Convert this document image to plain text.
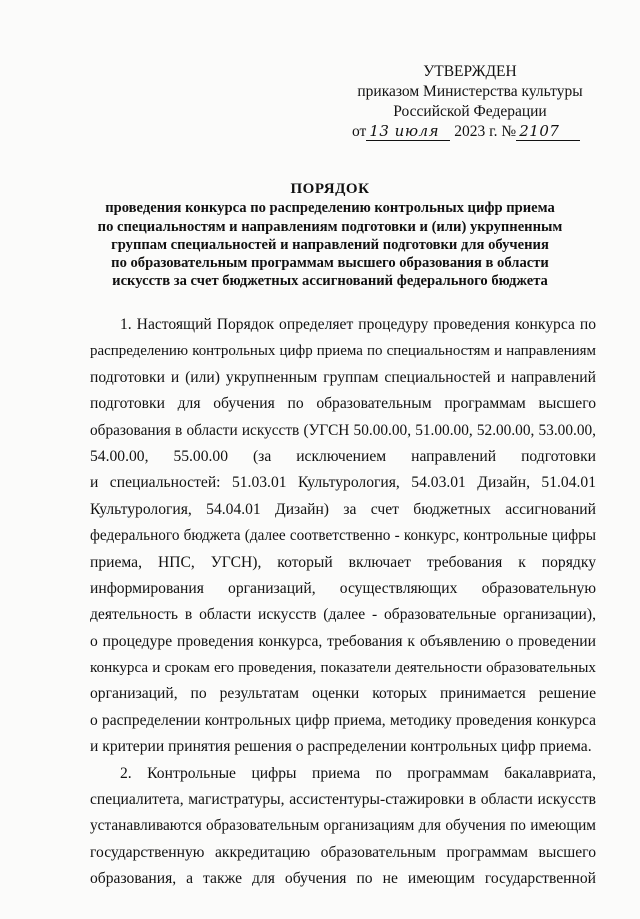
УТВЕРЖДЕН
приказом Министерства культуры
Российской Федерации
от 13 июля 2023 г. № 2107
ПОРЯДОК
проведения конкурса по распределению контрольных цифр приема
по специальностям и направлениям подготовки и (или) укрупненным
группам специальностей и направлений подготовки для обучения
по образовательным программам высшего образования в области
искусств за счет бюджетных ассигнований федерального бюджета
1. Настоящий Порядок определяет процедуру проведения конкурса по
распределению контрольных цифр приема по специальностям и направлениям
подготовки и (или) укрупненным группам специальностей и направлений
подготовки для обучения по образовательным программам высшего
образования в области искусств (УГСН 50.00.00, 51.00.00, 52.00.00, 53.00.00,
54.00.00, 55.00.00 (за исключением направлений подготовки
и специальностей: 51.03.01 Культурология, 54.03.01 Дизайн, 51.04.01
Культурология, 54.04.01 Дизайн) за счет бюджетных ассигнований
федерального бюджета (далее соответственно - конкурс, контрольные цифры
приема, НПС, УГСН), который включает требования к порядку
информирования организаций, осуществляющих образовательную
деятельность в области искусств (далее - образовательные организации),
о процедуре проведения конкурса, требования к объявлению о проведении
конкурса и срокам его проведения, показатели деятельности образовательных
организаций, по результатам оценки которых принимается решение
о распределении контрольных цифр приема, методику проведения конкурса
и критерии принятия решения о распределении контрольных цифр приема.
2. Контрольные цифры приема по программам бакалавриата,
специалитета, магистратуры, ассистентуры-стажировки в области искусств
устанавливаются образовательным организациям для обучения по имеющим
государственную аккредитацию образовательным программам высшего
образования, а также для обучения по не имеющим государственной
